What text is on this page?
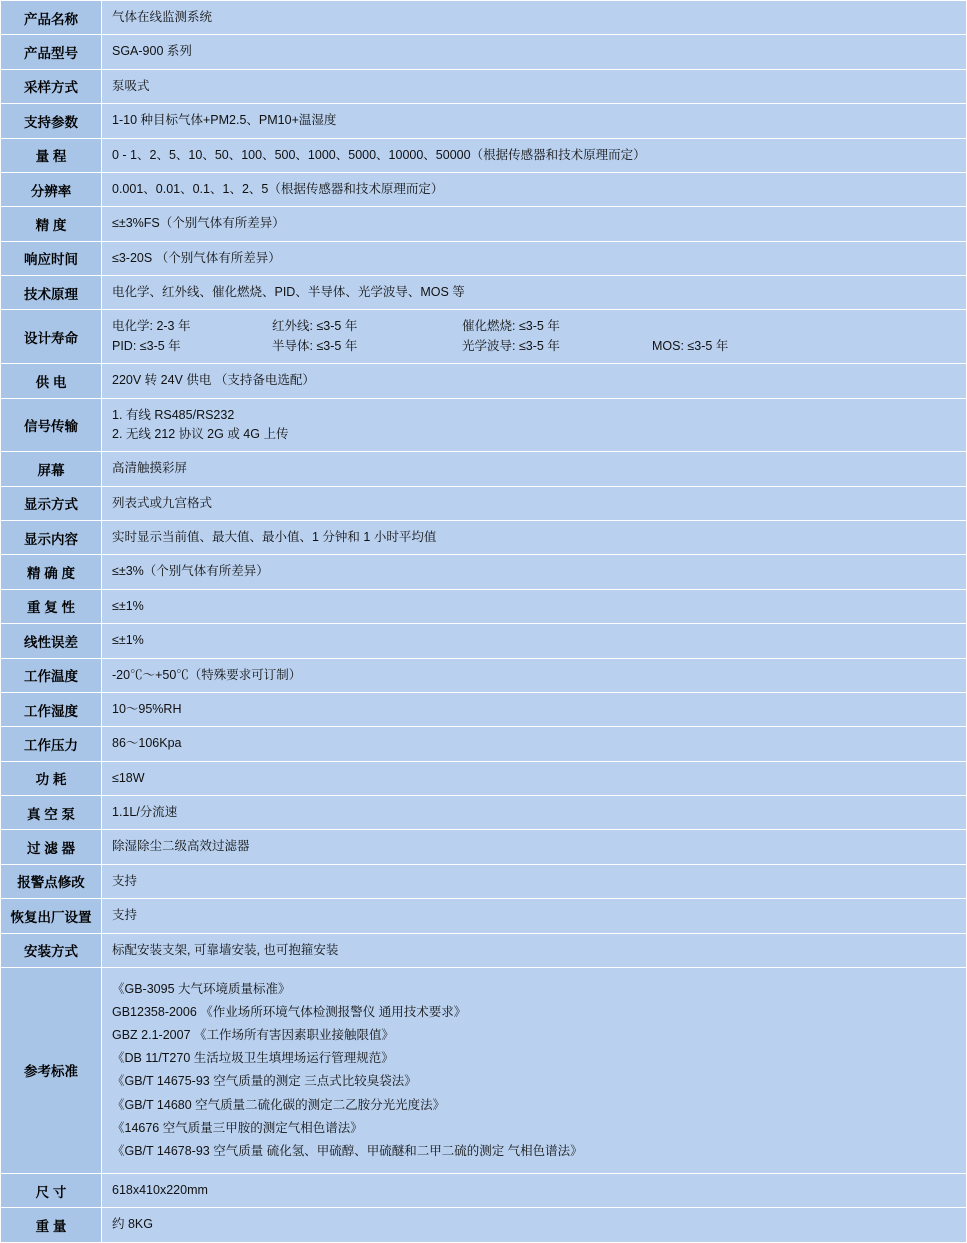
产品名称	气体在线监测系统

产品型号	SGA-900 系列

采样方式	泵吸式

支持参数	1-10 种目标气体+PM2.5、PM10+温湿度

量 程	0 - 1、2、5、10、50、100、500、1000、5000、10000、50000（根据传感器和技术原理而定）

分辨率	0.001、0.01、0.1、1、2、5（根据传感器和技术原理而定）

精 度	≤±3%FS（个别气体有所差异）

响应时间	≤3-20S （个别气体有所差异）

技术原理	电化学、红外线、催化燃烧、PID、半导体、光学波导、MOS 等

设计寿命	电化学: 2-3 年 红外线: ≤3-5 年 催化燃烧: ≤3-5 年
PID: ≤3-5 年 半导体: ≤3-5 年 光学波导: ≤3-5 年 MOS: ≤3-5 年

供 电	220V 转 24V 供电 （支持备电选配）

信号传输	1. 有线 RS485/RS232
2. 无线 212 协议 2G 或 4G 上传

屏幕	高清触摸彩屏

显示方式	列表式或九宫格式

显示内容	实时显示当前值、最大值、最小值、1 分钟和 1 小时平均值

精 确 度	≤±3%（个别气体有所差异）

重 复 性	≤±1%

线性误差	≤±1%

工作温度	-20℃～+50℃（特殊要求可订制）

工作湿度	10～95%RH

工作压力	86～106Kpa

功 耗	≤18W

真 空 泵	1.1L/分流速

过 滤 器	除湿除尘二级高效过滤器

报警点修改	支持

恢复出厂设置	支持

安装方式	标配安装支架, 可靠墙安装, 也可抱箍安装

参考标准	
《GB-3095 大气环境质量标准》
GB12358-2006 《作业场所环境气体检测报警仪 通用技术要求》
GBZ 2.1-2007 《工作场所有害因素职业接触限值》
《DB 11/T270 生活垃圾卫生填埋场运行管理规范》
《GB/T 14675-93 空气质量的测定 三点式比较臭袋法》
《GB/T 14680 空气质量二硫化碳的测定二乙胺分光光度法》
《14676 空气质量三甲胺的测定气相色谱法》
《GB/T 14678-93 空气质量 硫化氢、甲硫醇、甲硫醚和二甲二硫的测定 气相色谱法》

尺 寸	618x410x220mm

重 量	约 8KG
